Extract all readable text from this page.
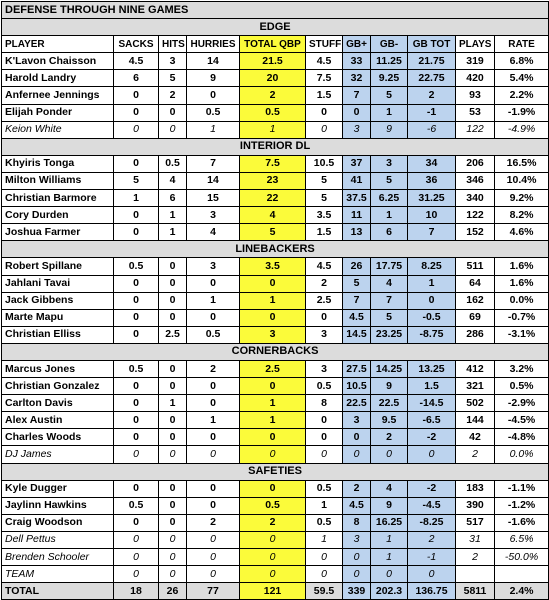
DEFENSE THROUGH NINE GAMES										
EDGE										
PLAYER	SACKS	HITS	HURRIES	TOTAL QBP	STUFF	GB+	GB-	GB TOT	PLAYS	RATE
K'Lavon Chaisson	4.5	3	14	21.5	4.5	33	11.25	21.75	319	6.8%
Harold Landry	6	5	9	20	7.5	32	9.25	22.75	420	5.4%
Anfernee Jennings	0	2	0	2	1.5	7	5	2	93	2.2%
Elijah Ponder	0	0	0.5	0.5	0	0	1	-1	53	-1.9%
Keion White	0	0	1	1	0	3	9	-6	122	-4.9%
INTERIOR DL										
Khyiris Tonga	0	0.5	7	7.5	10.5	37	3	34	206	16.5%
Milton Williams	5	4	14	23	5	41	5	36	346	10.4%
Christian Barmore	1	6	15	22	5	37.5	6.25	31.25	340	9.2%
Cory Durden	0	1	3	4	3.5	11	1	10	122	8.2%
Joshua Farmer	0	1	4	5	1.5	13	6	7	152	4.6%
LINEBACKERS										
Robert Spillane	0.5	0	3	3.5	4.5	26	17.75	8.25	511	1.6%
Jahlani Tavai	0	0	0	0	2	5	4	1	64	1.6%
Jack Gibbens	0	0	1	1	2.5	7	7	0	162	0.0%
Marte Mapu	0	0	0	0	0	4.5	5	-0.5	69	-0.7%
Christian Elliss	0	2.5	0.5	3	3	14.5	23.25	-8.75	286	-3.1%
CORNERBACKS										
Marcus Jones	0.5	0	2	2.5	3	27.5	14.25	13.25	412	3.2%
Christian Gonzalez	0	0	0	0	0.5	10.5	9	1.5	321	0.5%
Carlton Davis	0	1	0	1	8	22.5	22.5	-14.5	502	-2.9%
Alex Austin	0	0	1	1	0	3	9.5	-6.5	144	-4.5%
Charles Woods	0	0	0	0	0	0	2	-2	42	-4.8%
DJ James	0	0	0	0	0	0	0	0	2	0.0%
SAFETIES										
Kyle Dugger	0	0	0	0	0.5	2	4	-2	183	-1.1%
Jaylinn Hawkins	0.5	0	0	0.5	1	4.5	9	-4.5	390	-1.2%
Craig Woodson	0	0	2	2	0.5	8	16.25	-8.25	517	-1.6%
Dell Pettus	0	0	0	0	1	3	1	2	31	6.5%
Brenden Schooler	0	0	0	0	0	0	1	-1	2	-50.0%
TEAM	0	0	0	0	0	0	0	0		
TOTAL	18	26	77	121	59.5	339	202.3	136.75	5811	2.4%
